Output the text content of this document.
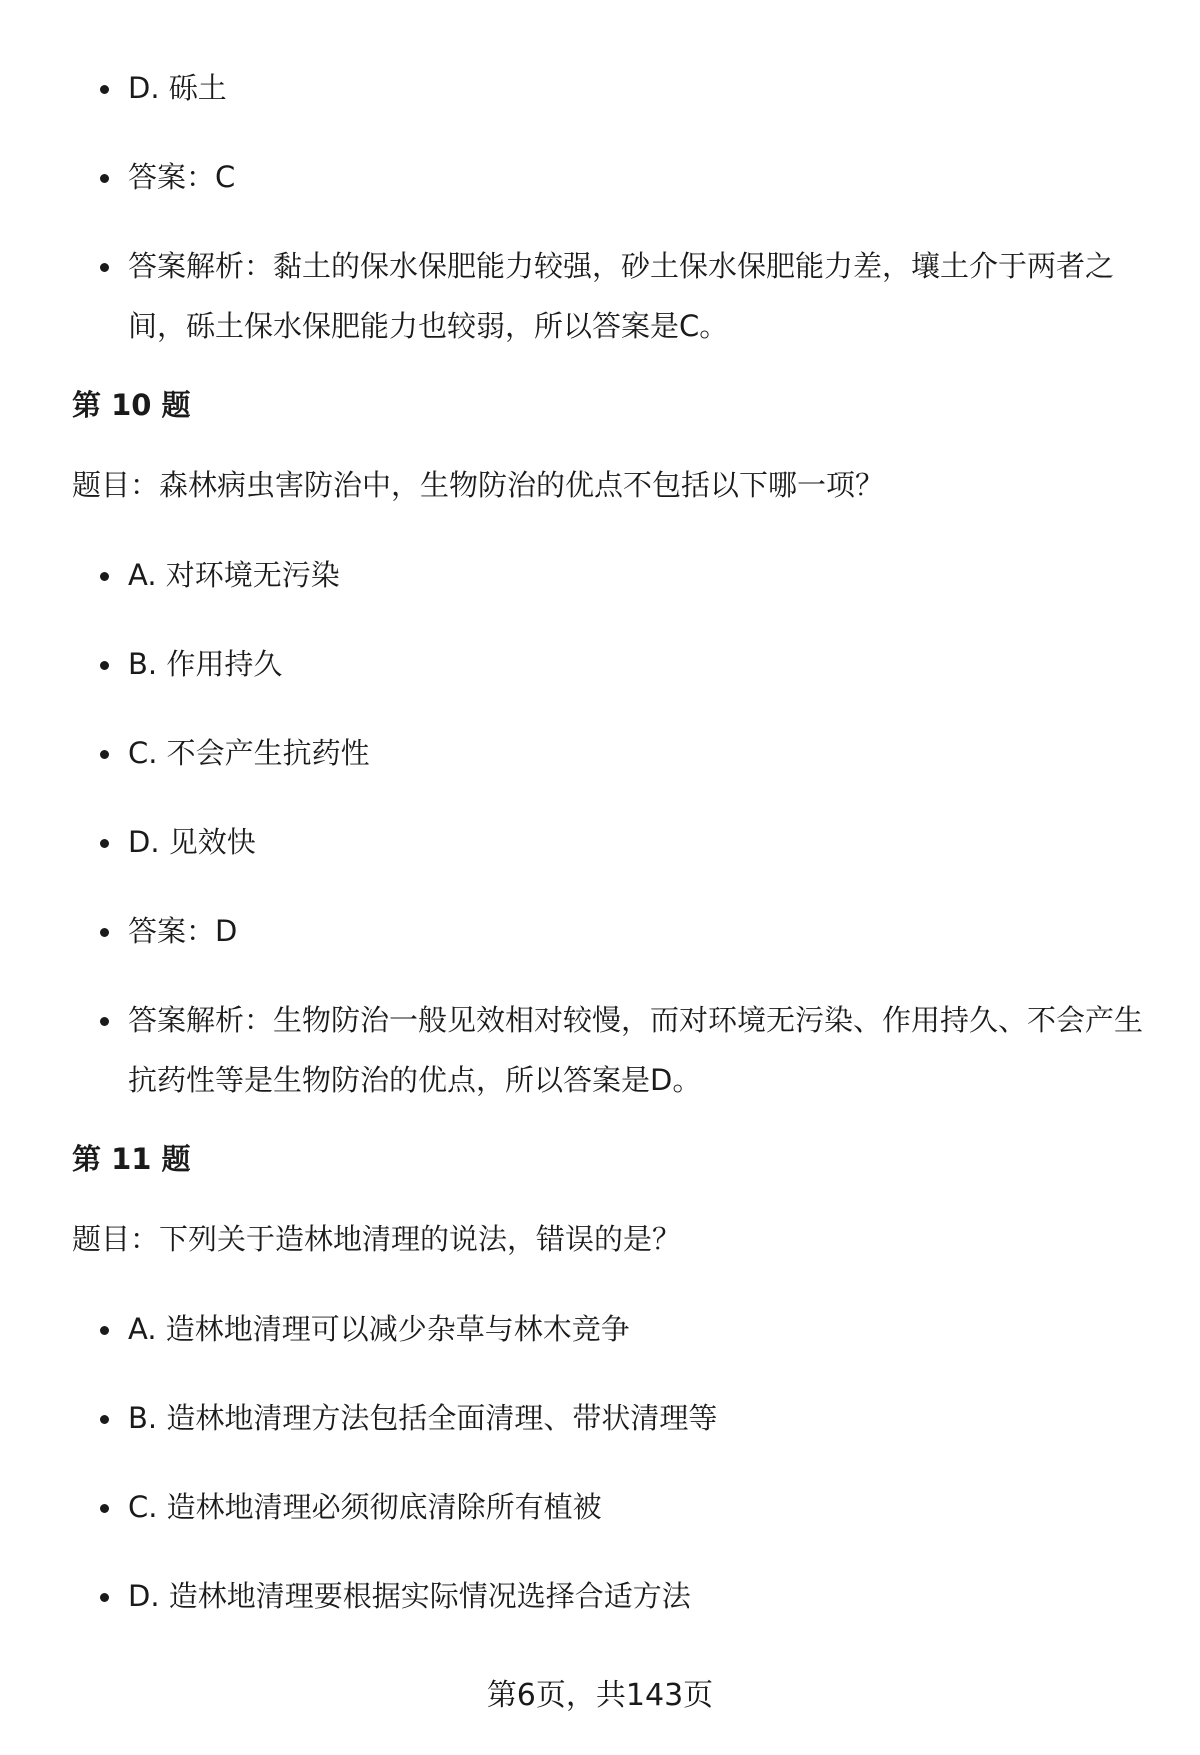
D. 砾土
答案：C
答案解析：黏土的保水保肥能力较强，砂土保水保肥能力差，壤土介于两者之间，砾土保水保肥能力也较弱，所以答案是C。
第 10 题
题目：森林病虫害防治中，生物防治的优点不包括以下哪一项？
A. 对环境无污染
B. 作用持久
C. 不会产生抗药性
D. 见效快
答案：D
答案解析：生物防治一般见效相对较慢，而对环境无污染、作用持久、不会产生抗药性等是生物防治的优点，所以答案是D。
第 11 题
题目：下列关于造林地清理的说法，错误的是？
A. 造林地清理可以减少杂草与林木竞争
B. 造林地清理方法包括全面清理、带状清理等
C. 造林地清理必须彻底清除所有植被
D. 造林地清理要根据实际情况选择合适方法
第6页，共143页
